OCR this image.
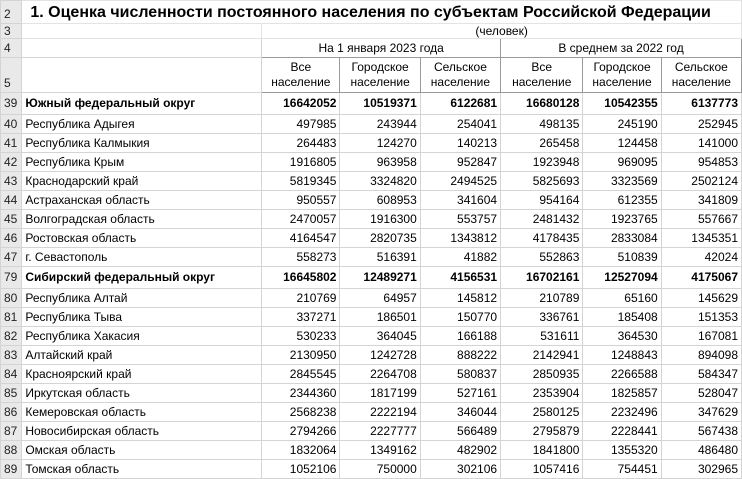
2	1. Оценка численности постоянного населения по субъектам Российской Федерации						
3		(человек)					
4		На 1 января 2023 года			В среднем за 2022 год		
5		Все население	Городское население	Сельское население	Все население	Городское население	Сельское население
39	Южный федеральный округ	16642052	10519371	6122681	16680128	10542355	6137773
40	Республика Адыгея	497985	243944	254041	498135	245190	252945
41	Республика Калмыкия	264483	124270	140213	265458	124458	141000
42	Республика Крым	1916805	963958	952847	1923948	969095	954853
43	Краснодарский край	5819345	3324820	2494525	5825693	3323569	2502124
44	Астраханская область	950557	608953	341604	954164	612355	341809
45	Волгоградская область	2470057	1916300	553757	2481432	1923765	557667
46	Ростовская область	4164547	2820735	1343812	4178435	2833084	1345351
47	г. Севастополь	558273	516391	41882	552863	510839	42024
79	Сибирский федеральный округ	16645802	12489271	4156531	16702161	12527094	4175067
80	Республика Алтай	210769	64957	145812	210789	65160	145629
81	Республика Тыва	337271	186501	150770	336761	185408	151353
82	Республика Хакасия	530233	364045	166188	531611	364530	167081
83	Алтайский край	2130950	1242728	888222	2142941	1248843	894098
84	Красноярский край	2845545	2264708	580837	2850935	2266588	584347
85	Иркутская область	2344360	1817199	527161	2353904	1825857	528047
86	Кемеровская область	2568238	2222194	346044	2580125	2232496	347629
87	Новосибирская область	2794266	2227777	566489	2795879	2228441	567438
88	Омская область	1832064	1349162	482902	1841800	1355320	486480
89	Томская область	1052106	750000	302106	1057416	754451	302965
